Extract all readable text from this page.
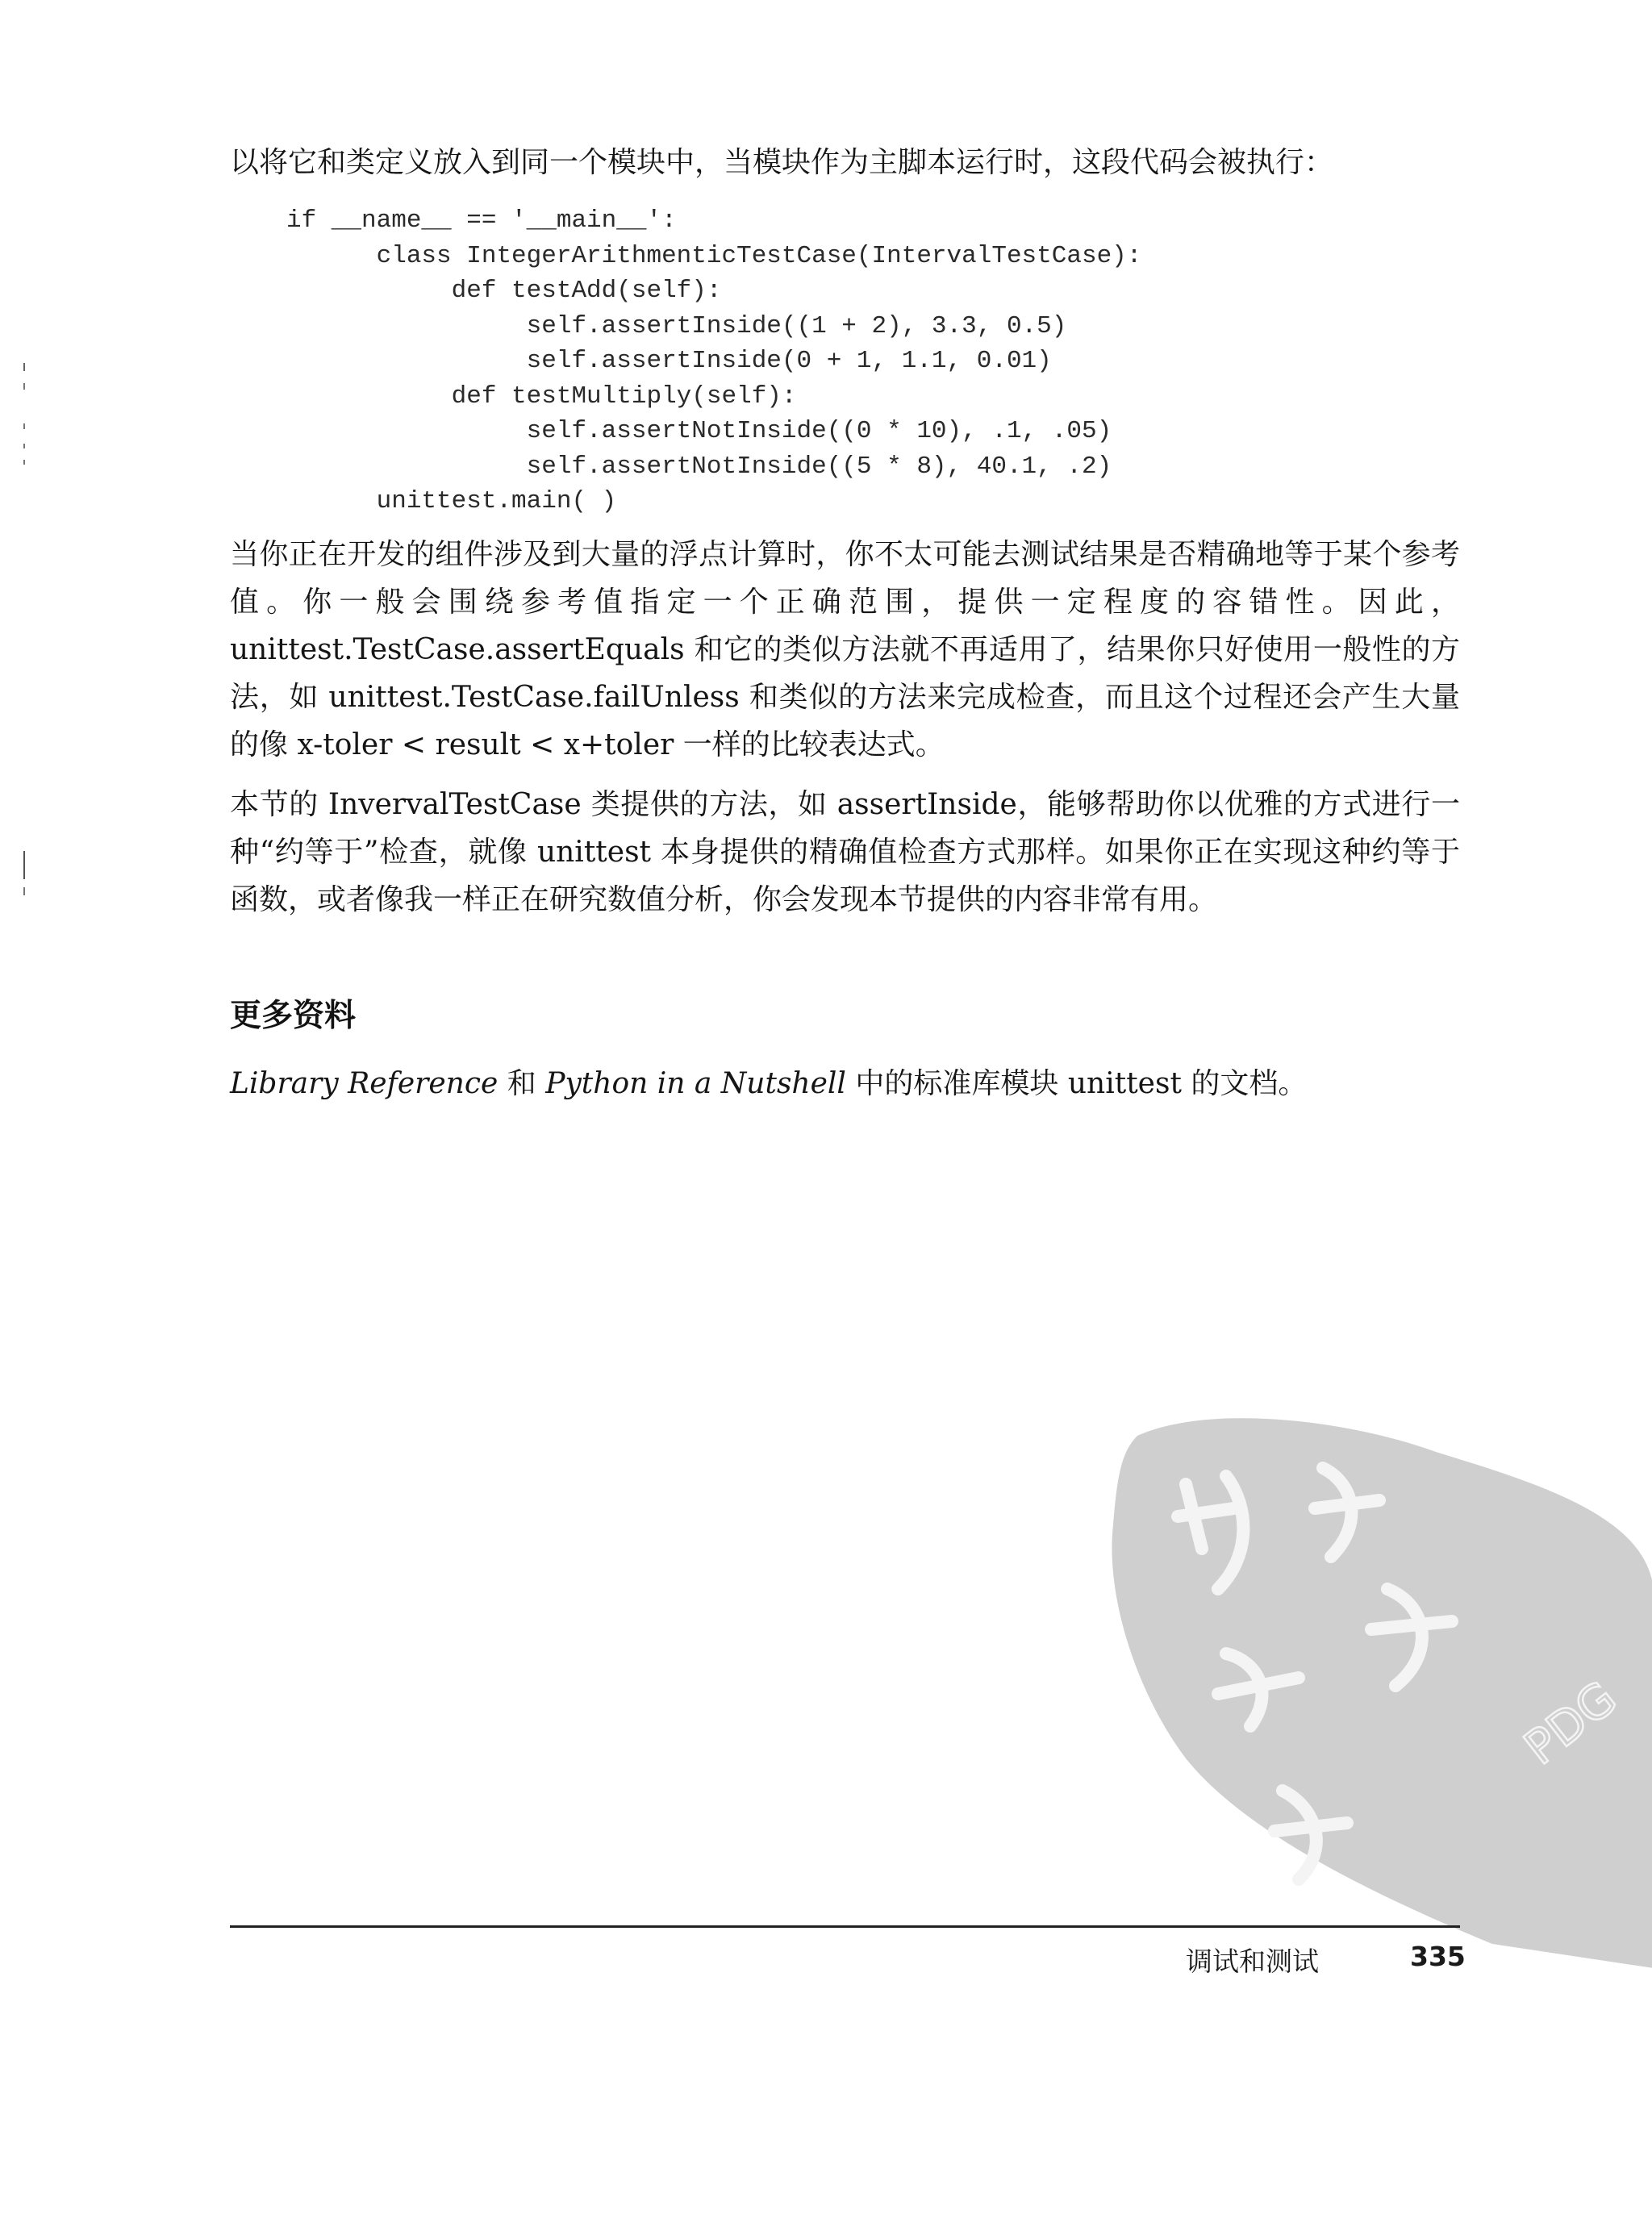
以将它和类定义放入到同一个模块中，当模块作为主脚本运行时，这段代码会被执行：

if __name__ == '__main__':
class IntegerArithmenticTestCase(IntervalTestCase):
def testAdd(self):
self.assertInside((1 + 2), 3.3, 0.5)
self.assertInside(0 + 1, 1.1, 0.01)
def testMultiply(self):
self.assertNotInside((0 * 10), .1, .05)
self.assertNotInside((5 * 8), 40.1, .2)
unittest.main( )

当你正在开发的组件涉及到大量的浮点计算时，你不太可能去测试结果是否精确地等于某个参考值。你一般会围绕参考值指定一个正确范围，提供一定程度的容错性。因此，unittest.TestCase.assertEquals 和它的类似方法就不再适用了，结果你只好使用一般性的方法，如 unittest.TestCase.failUnless 和类似的方法来完成检查，而且这个过程还会产生大量的像 x-toler < result < x+toler 一样的比较表达式。

本节的 InvervalTestCase 类提供的方法，如 assertInside，能够帮助你以优雅的方式进行一种“约等于”检查，就像 unittest 本身提供的精确值检查方式那样。如果你正在实现这种约等于函数，或者像我一样正在研究数值分析，你会发现本节提供的内容非常有用。

更多资料

Library Reference 和 Python in a Nutshell 中的标准库模块 unittest 的文档。

PDG
调试和测试	335
